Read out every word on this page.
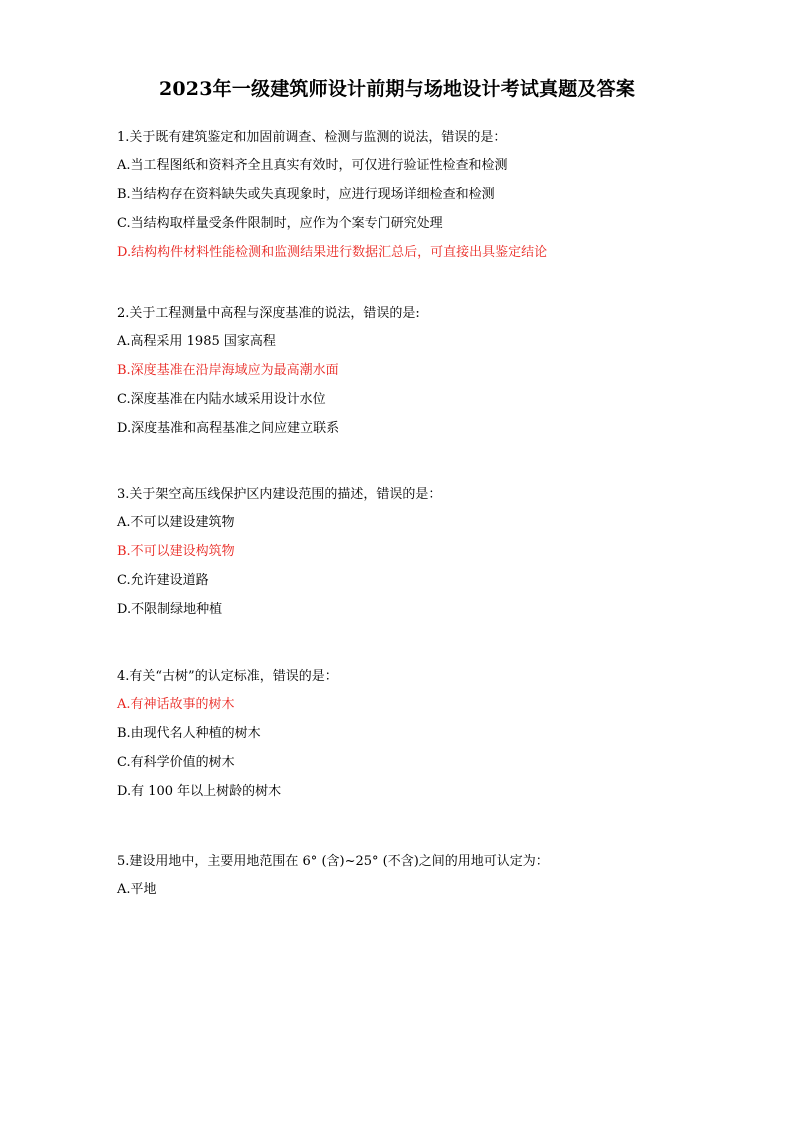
2023年一级建筑师设计前期与场地设计考试真题及答案
1.关于既有建筑鉴定和加固前调查、检测与监测的说法，错误的是：
A.当工程图纸和资料齐全且真实有效时，可仅进行验证性检查和检测
B.当结构存在资料缺失或失真现象时，应进行现场详细检查和检测
C.当结构取样量受条件限制时，应作为个案专门研究处理
D.结构构件材料性能检测和监测结果进行数据汇总后，可直接出具鉴定结论
2.关于工程测量中高程与深度基准的说法，错误的是:
A.高程采用 1985 国家高程
B.深度基准在沿岸海域应为最高潮水面
C.深度基准在内陆水域采用设计水位
D.深度基准和高程基准之间应建立联系
3.关于架空高压线保护区内建设范围的描述，错误的是：
A.不可以建设建筑物
B.不可以建设构筑物
C.允许建设道路
D.不限制绿地种植
4.有关“古树”的认定标准，错误的是：
A.有神话故事的树木
B.由现代名人种植的树木
C.有科学价值的树木
D.有 100 年以上树龄的树木
5.建设用地中，主要用地范围在 6° (含)~25° (不含)之间的用地可认定为：
A.平地
